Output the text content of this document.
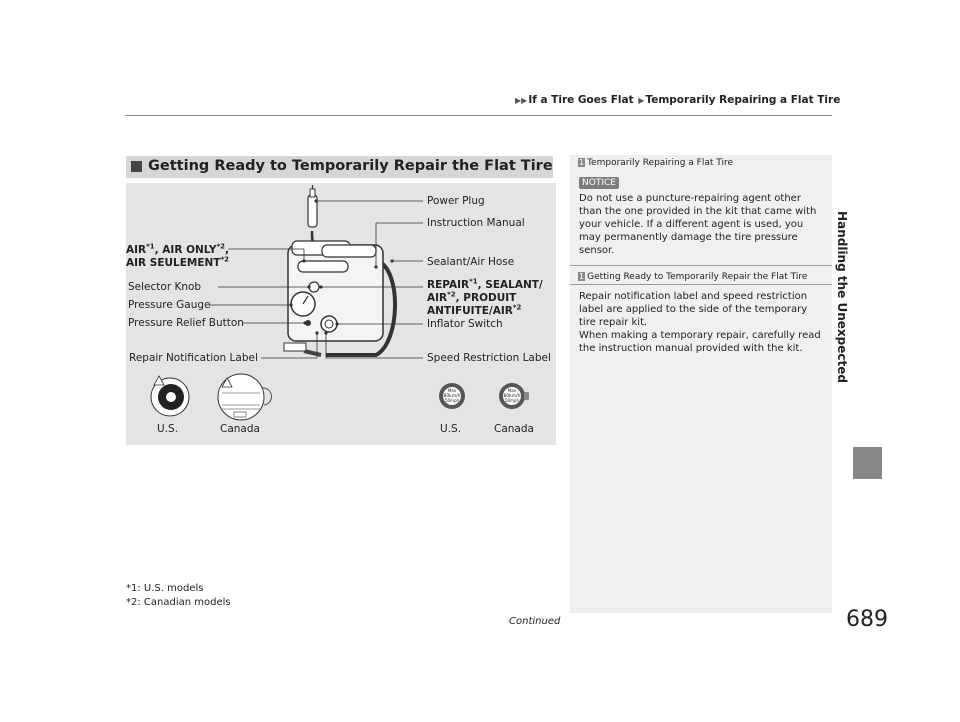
▶▶If a Tire Goes Flat ▶Temporarily Repairing a Flat Tire
Handling the Unexpected
Getting Ready to Temporarily Repair the Flat Tire
Max
80km/h
50mph
Max
80km/h
50mph
Power Plug
Instruction Manual
AIR$^{*1}$, AIR ONLY$^{*2}$,
AIR SEULEMENT$^{*2}$	Sealant/Air Hose
Selector Knob	REPAIR$^{*1}$, SEALANT/
AIR$^{*2}$, PRODUIT
ANTIFUITE/AIR$^{*2}$
Pressure Gauge
Pressure Relief Button	Inflator Switch
Repair Notification Label	Speed Restriction Label
U.S.	Canada	U.S.	Canada
*1: U.S. models
*2: Canadian models
1 Temporarily Repairing a Flat Tire
NOTICE
Do not use a puncture-repairing agent other than the one provided in the kit that came with your vehicle. If a different agent is used, you may permanently damage the tire pressure sensor.
1 Getting Ready to Temporarily Repair the Flat Tire
Repair notification label and speed restriction label are applied to the side of the temporary tire repair kit.
When making a temporary repair, carefully read the instruction manual provided with the kit.
Continued	689
